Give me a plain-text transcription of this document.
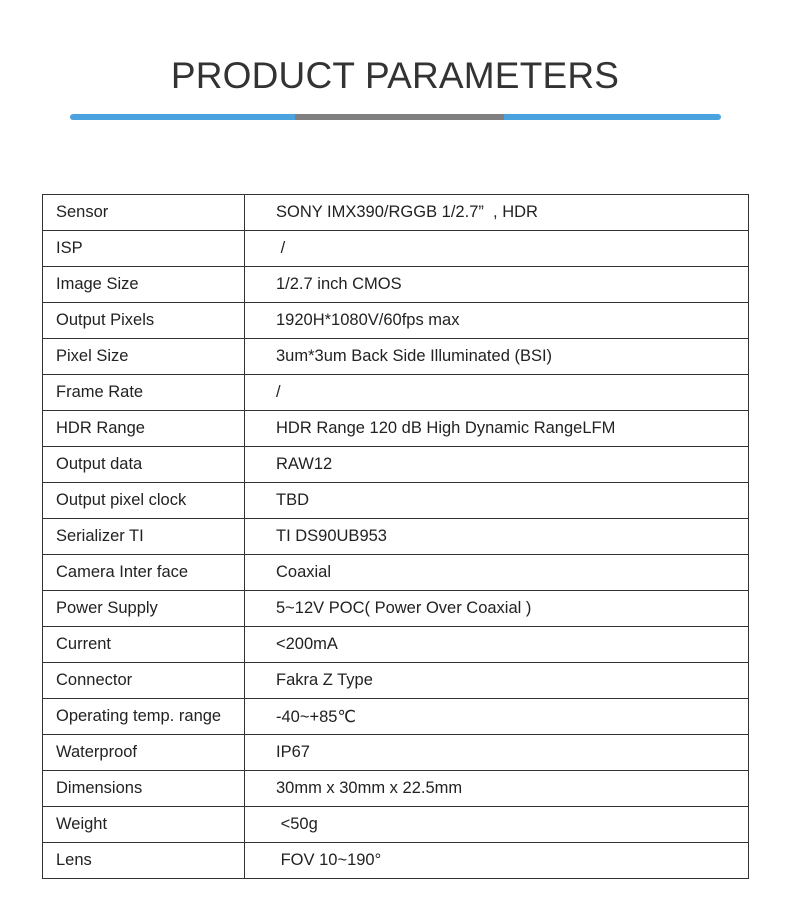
PRODUCT PARAMETERS
Sensor	SONY IMX390/RGGB 1/2.7”  , HDR
ISP	/
Image Size	1/2.7 inch CMOS
Output Pixels	1920H*1080V/60fps max
Pixel Size	3um*3um Back Side Illuminated (BSI)
Frame Rate	/
HDR Range	HDR Range 120 dB High Dynamic RangeLFM
Output data	RAW12
Output pixel clock	TBD
Serializer TI	TI DS90UB953
Camera Inter face	Coaxial
Power Supply	5~12V POC( Power Over Coaxial )
Current	<200mA
Connector	Fakra Z Type
Operating temp. range	-40~+85℃
Waterproof	IP67
Dimensions	30mm x 30mm x 22.5mm
Weight	<50g
Lens	FOV 10~190°
